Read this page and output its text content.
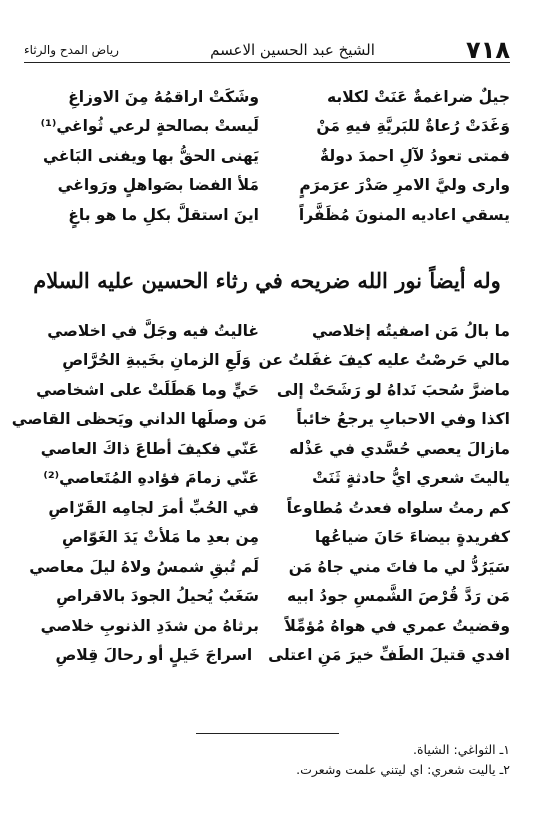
٧١٨
الشيخ عبد الحسين الاعسم
رياض المدح والرثاء
جيلٌ ضراغمةٌ عَنَتْ لكلابه
وشَكَتْ اراقمُهُ مِنَ الاوزاغِ
وَغَدَتْ رُعاةٌ للبَريَّةِ فيهِ مَنْ
لَيستْ بصالحةٍ لرعي ثُواغي⁽¹⁾
فمتى تعودُ لآلِ احمدَ دولةٌ
يَهنى الحقُّ بها ويفنى البَاغي
وارى وليَّ الامرِ صَدْرَ عرَمرَمٍ
مَلأ الفضا بصَواهلٍ ورَواغي
يسقي اعاديه المنونَ مُظَفَّراً
اينَ استقلَّ بكلِ ما هو باغٍ
وله أيضاً نور الله ضريحه في رثاء الحسين عليه السلام
ما بالُ مَن اصفيتُه إخلاصي
غاليتُ فيه وجَلَّ في اخلاصي
مالي حَرصْتُ عليه كيفَ غفَلتُ عن
وَلَعِ الزمانِ بخَيبةِ الحُرَّاصِ
ماضرَّ سُحبَ نَداهُ لو رَشَحَتْ إلى
حَيٍّ وما هَطَلَتْ على اشخاصي
اكذا وفي الاحبابِ يرجعُ خائباً
مَن وصلَها الداني ويَحظى القاصي
مازالَ يعصي حُسَّدي في عَذْله
عَنّي فكيفَ أطاعَ ذاكَ العاصي
ياليتَ شعري ايُّ حادثةٍ ثَنَتْ
عَنّي زمامَ فؤادهِ المُتَعاصي⁽²⁾
كم رمتُ سلواه فعدتُ مُطاوعاً
في الحُبِّ أمرَ لجامِه القَرّاصِ
كفريدةٍ بيضاءَ حَانَ ضياعُها
مِن بعدِ ما مَلأتْ يَدَ الغَوّاصِ
سَيَرُدُّ لي ما فاتَ مني جاهُ مَن
لَم تُبقِ شمسُ ولاهُ ليلَ معاصي
مَن رَدَّ قُرْصَ الشَّمسِ جودُ ابيه
سَغَبٌ يُحيلُ الجودَ بالاقراصِ
وقضيتُ عمري في هواهُ مُؤمِّلاً
برثاهُ من شدَدِ الذنوبِ خلاصي
افدي قتيلَ الطَفِّ خيرَ مَنِ اعتلى
اسراجَ خَيلٍ أو رحالَ قِلاصِ
١ـ الثواغي: الشياة.
٢ـ ياليت شعري: اي ليتني علمت وشعرت.
